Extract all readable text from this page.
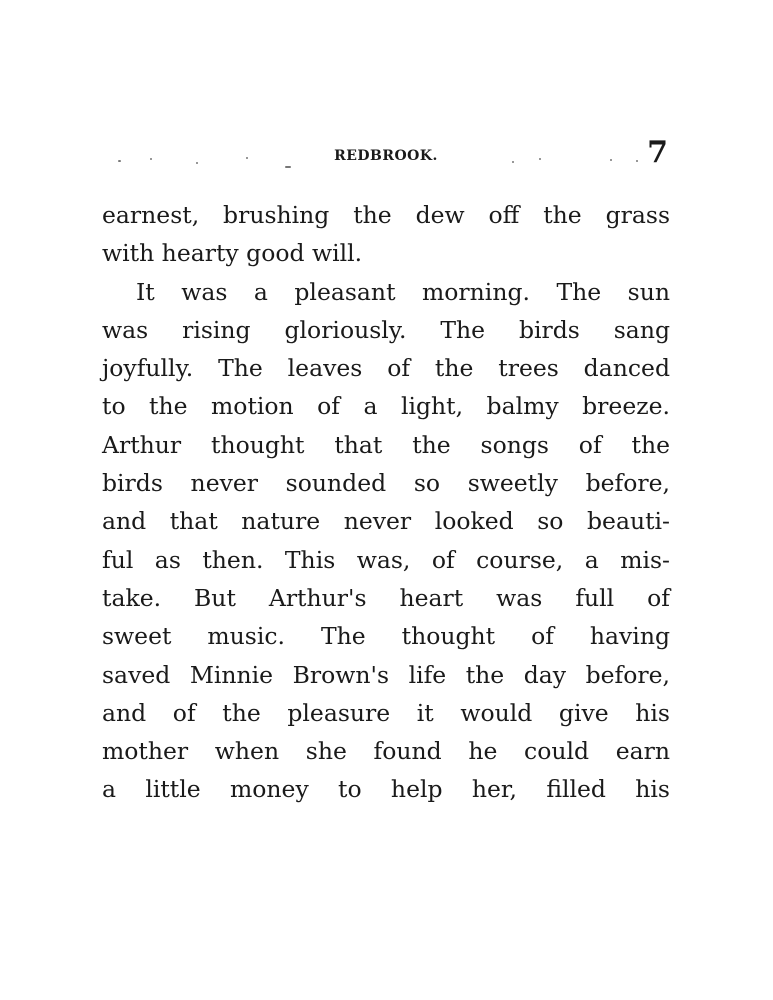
REDBROOK.	7
earnest, brushing the dew off the grass
with hearty good will.
It was a pleasant morning. The sun
was rising gloriously. The birds sang
joyfully. The leaves of the trees danced
to the motion of a light, balmy breeze.
Arthur thought that the songs of the
birds never sounded so sweetly before,
and that nature never looked so beauti-
ful as then. This was, of course, a mis-
take. But Arthur's heart was full of
sweet music. The thought of having
saved Minnie Brown's life the day before,
and of the pleasure it would give his
mother when she found he could earn
a little money to help her, filled his
